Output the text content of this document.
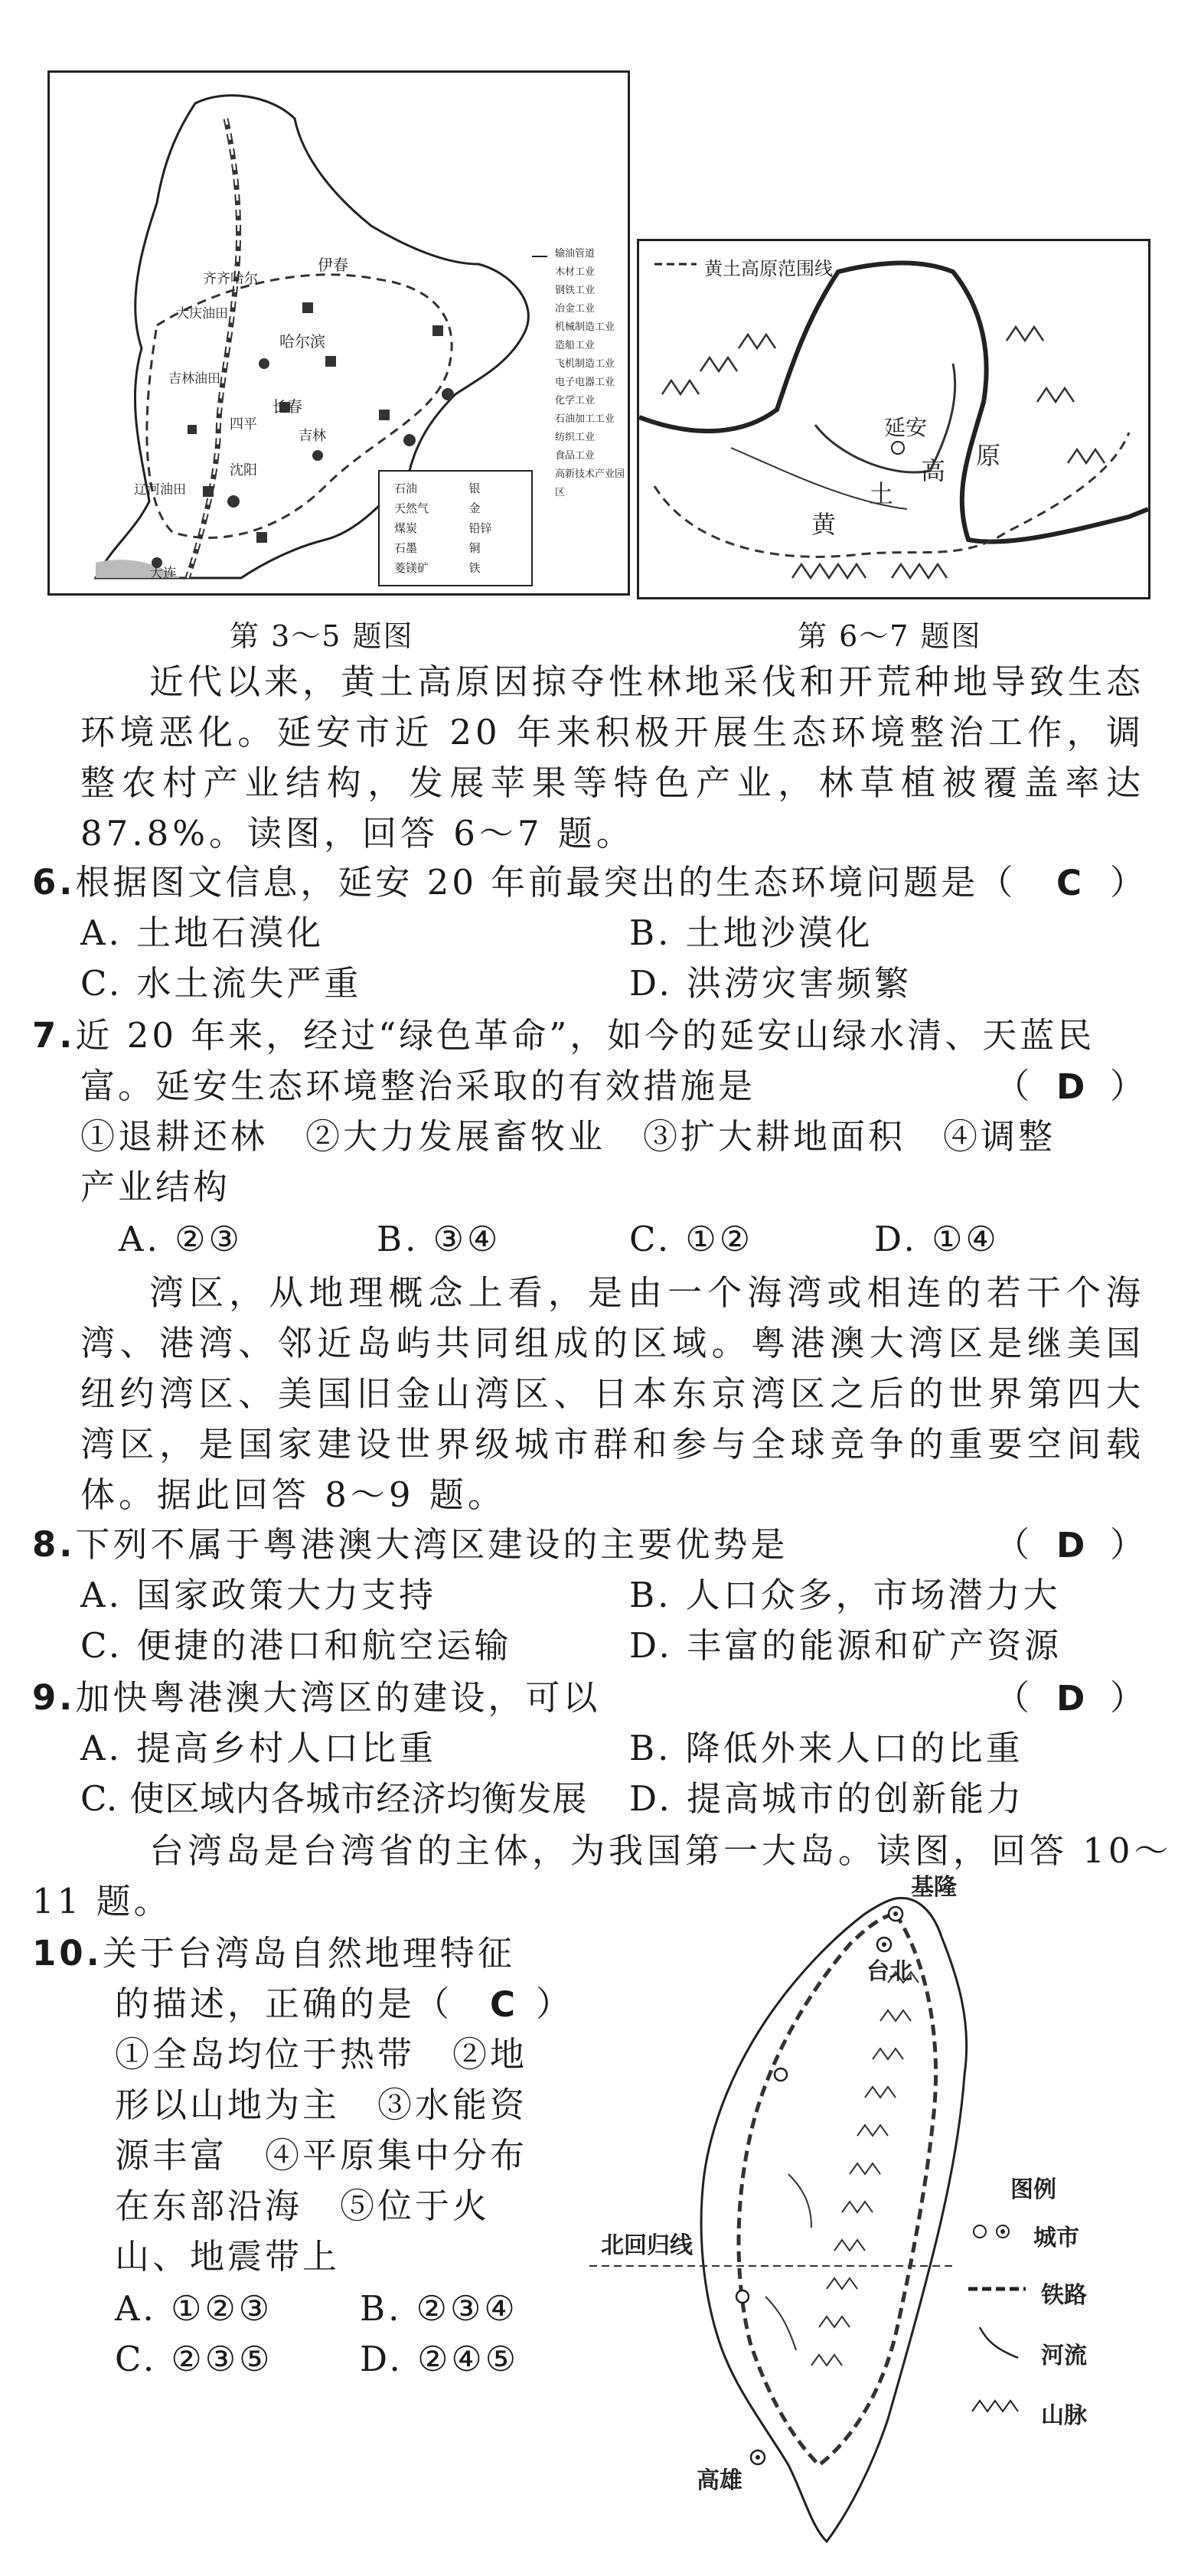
伊春
齐齐哈尔
哈尔滨
大庆油田
吉林油田
长春
吉林
四平
沈阳
辽河油田
大连
输油管道
木材工业
钢铁工业
冶金工业
机械制造工业
造船工业
飞机制造工业
电子电器工业
化学工业
石油加工工业
纺织工业
食品工业
高新技术产业园区
石油
天然气
煤炭
石墨
菱镁矿
银
金
铅锌
铜
铁
第 3～5 题图
黄土高原范围线
延安
黄
土
高
原
第 6～7 题图
近代以来，黄土高原因掠夺性林地采伐和开荒种地导致生态环境恶化。延安市近 20 年来积极开展生态环境整治工作，调整农村产业结构，发展苹果等特色产业，林草植被覆盖率达87.8%。读图，回答 6～7 题。
6.根据图文信息，延安 20 年前最突出的生态环境问题是（ C ）
A. 土地石漠化	B. 土地沙漠化
C. 水土流失严重	D. 洪涝灾害频繁
7.近 20 年来，经过“绿色革命”，如今的延安山绿水清、天蓝民
富。延安生态环境整治采取的有效措施是	（ D ）
①退耕还林　②大力发展畜牧业　③扩大耕地面积　④调整
产业结构
A. ②③	B. ③④	C. ①②	D. ①④
湾区，从地理概念上看，是由一个海湾或相连的若干个海湾、港湾、邻近岛屿共同组成的区域。粤港澳大湾区是继美国纽约湾区、美国旧金山湾区、日本东京湾区之后的世界第四大湾区，是国家建设世界级城市群和参与全球竞争的重要空间载体。据此回答 8～9 题。
8.下列不属于粤港澳大湾区建设的主要优势是	（ D ）
A. 国家政策大力支持	B. 人口众多，市场潜力大
C. 便捷的港口和航空运输	D. 丰富的能源和矿产资源
9.加快粤港澳大湾区的建设，可以	（ D ）
A. 提高乡村人口比重	B. 降低外来人口的比重
C. 使区域内各城市经济均衡发展 D. 提高城市的创新能力
台湾岛是台湾省的主体，为我国第一大岛。读图，回答 10～
11 题。
10.关于台湾岛自然地理特征
的描述，正确的是（ C ）
①全岛均位于热带　②地
形以山地为主　③水能资
源丰富　④平原集中分布
在东部沿海　⑤位于火
山、地震带上
A. ①②③	B. ②③④
C. ②③⑤	D. ②④⑤
基隆
台北
高雄
北回归线
图例
城市
铁路
河流
山脉
